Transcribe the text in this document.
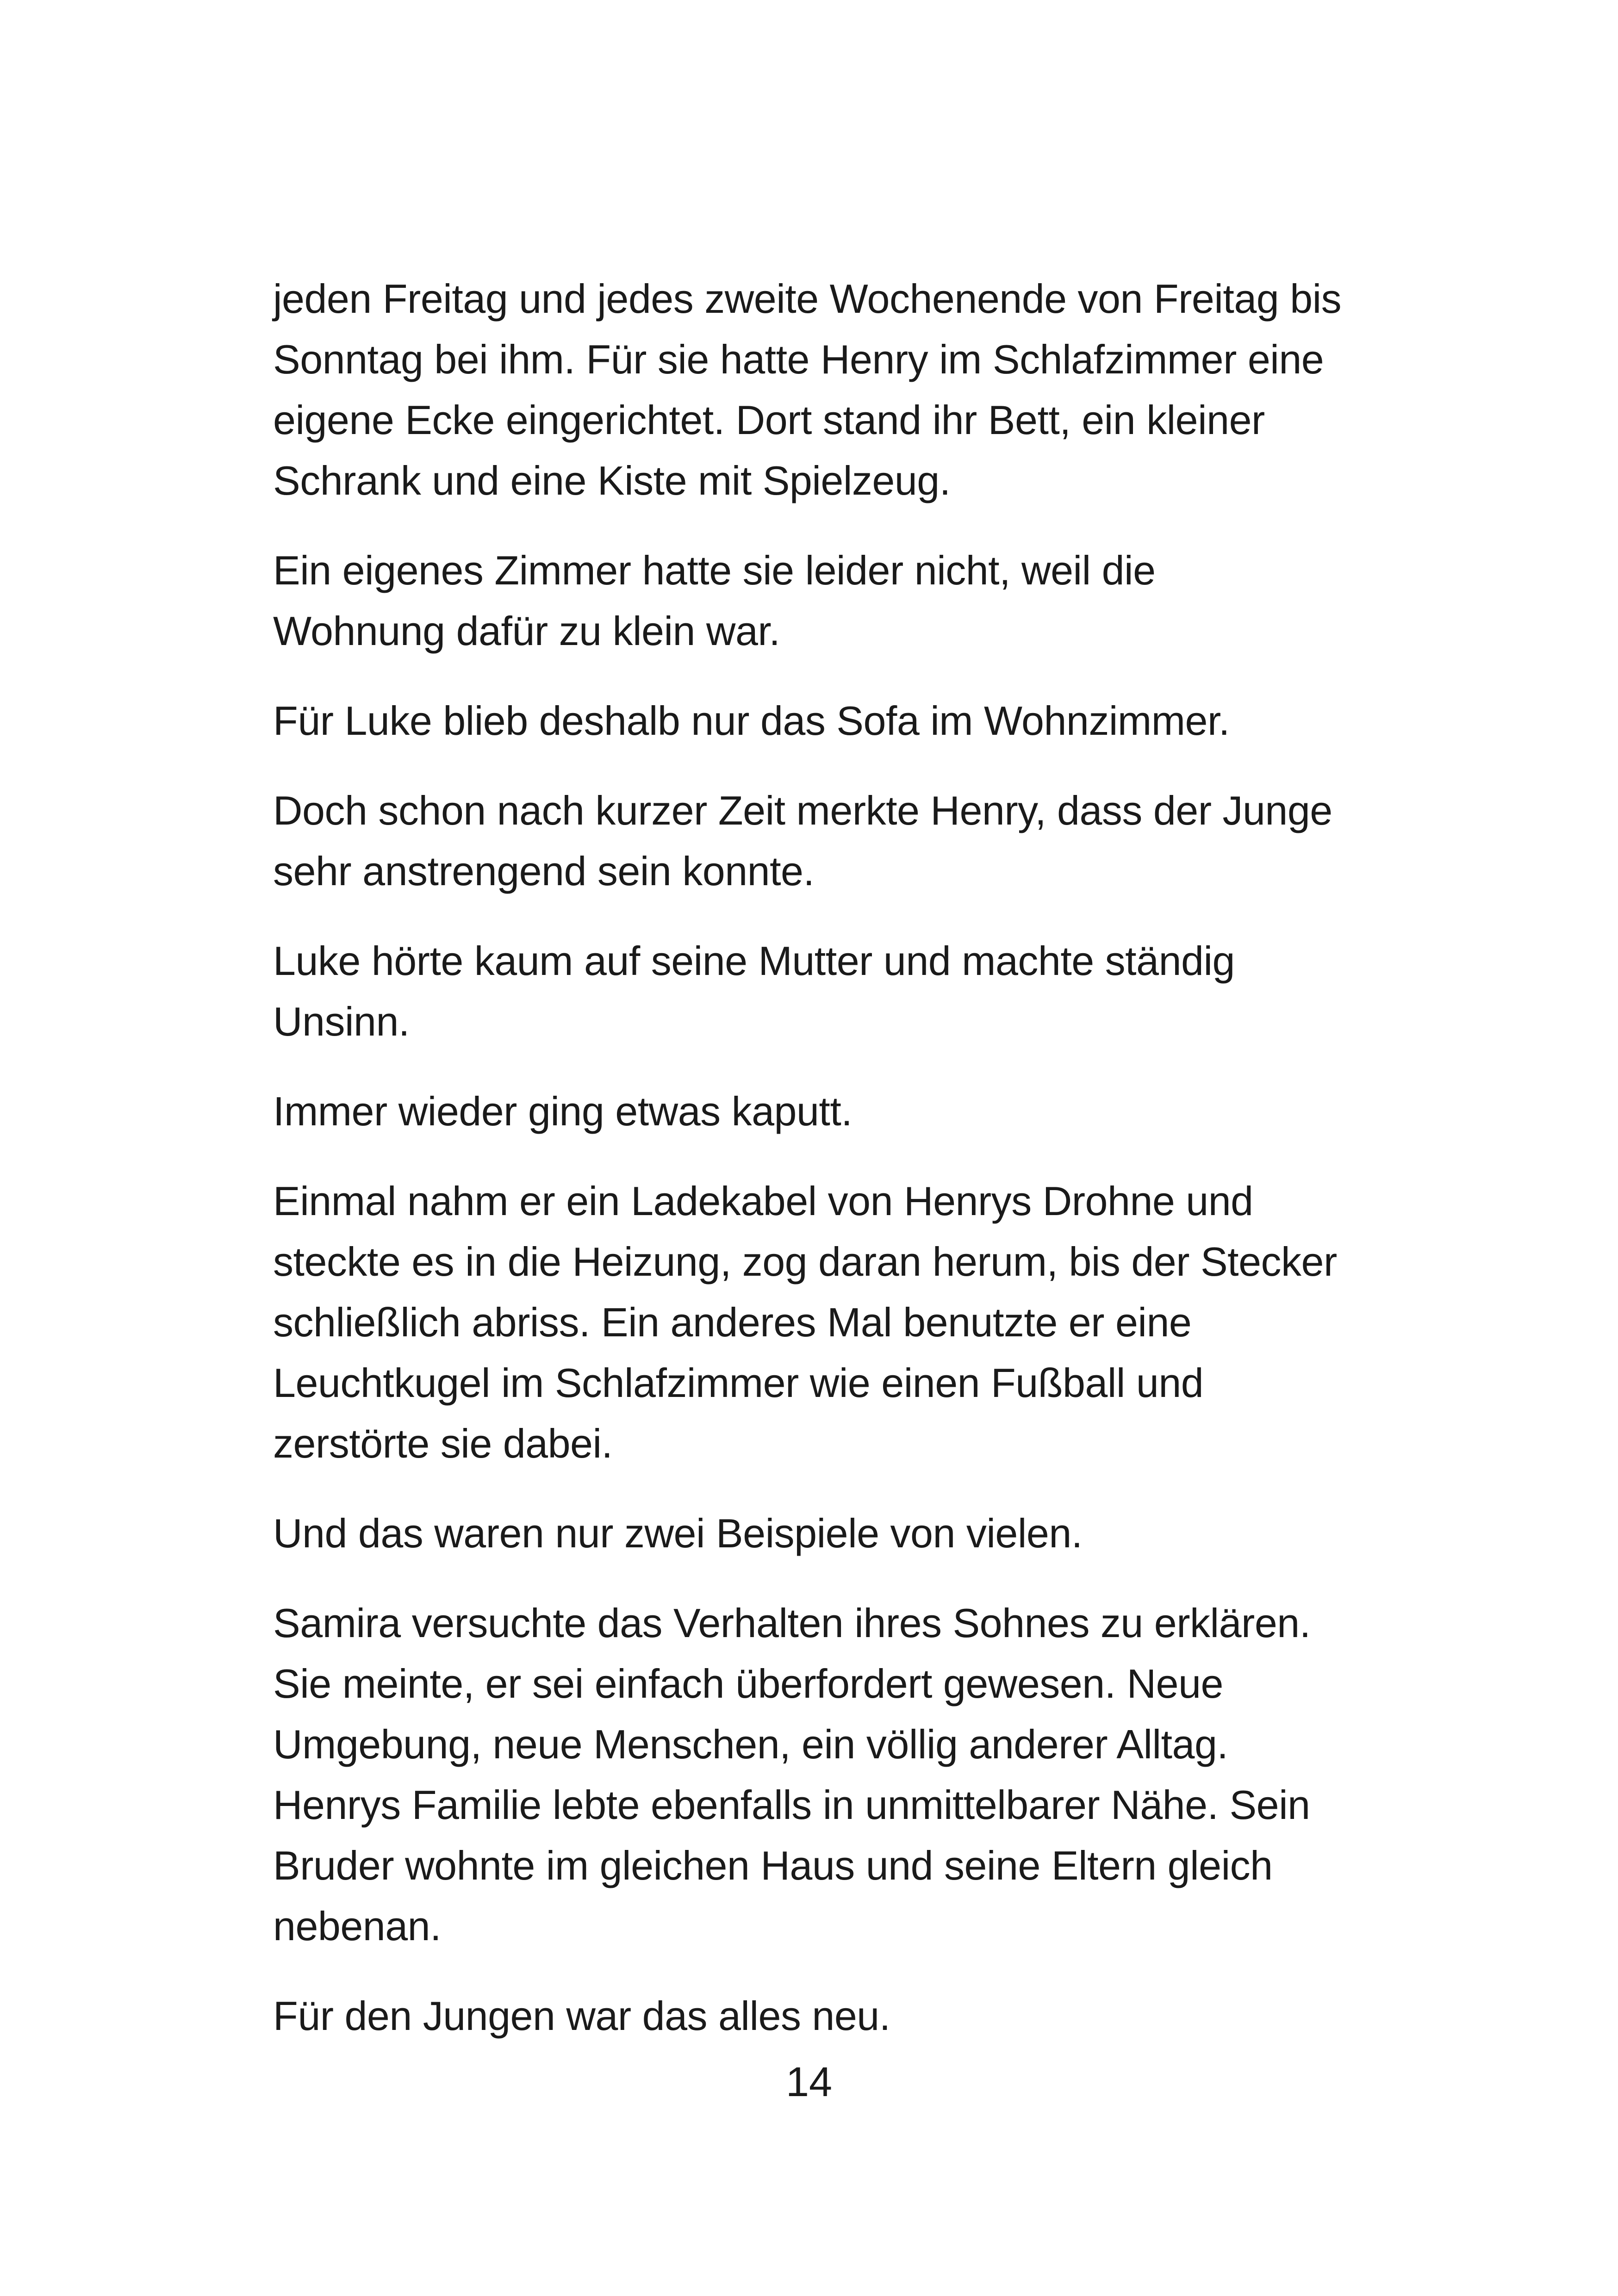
jeden Freitag und jedes zweite Wochenende von Freitag bis
Sonntag bei ihm. Für sie hatte Henry im Schlafzimmer eine
eigene Ecke eingerichtet. Dort stand ihr Bett, ein kleiner
Schrank und eine Kiste mit Spielzeug.
Ein eigenes Zimmer hatte sie leider nicht, weil die
Wohnung dafür zu klein war.
Für Luke blieb deshalb nur das Sofa im Wohnzimmer.
Doch schon nach kurzer Zeit merkte Henry, dass der Junge
sehr anstrengend sein konnte.
Luke hörte kaum auf seine Mutter und machte ständig
Unsinn.
Immer wieder ging etwas kaputt.
Einmal nahm er ein Ladekabel von Henrys Drohne und
steckte es in die Heizung, zog daran herum, bis der Stecker
schließlich abriss. Ein anderes Mal benutzte er eine
Leuchtkugel im Schlafzimmer wie einen Fußball und
zerstörte sie dabei.
Und das waren nur zwei Beispiele von vielen.
Samira versuchte das Verhalten ihres Sohnes zu erklären.
Sie meinte, er sei einfach überfordert gewesen. Neue
Umgebung, neue Menschen, ein völlig anderer Alltag.
Henrys Familie lebte ebenfalls in unmittelbarer Nähe. Sein
Bruder wohnte im gleichen Haus und seine Eltern gleich
nebenan.
Für den Jungen war das alles neu.
14
